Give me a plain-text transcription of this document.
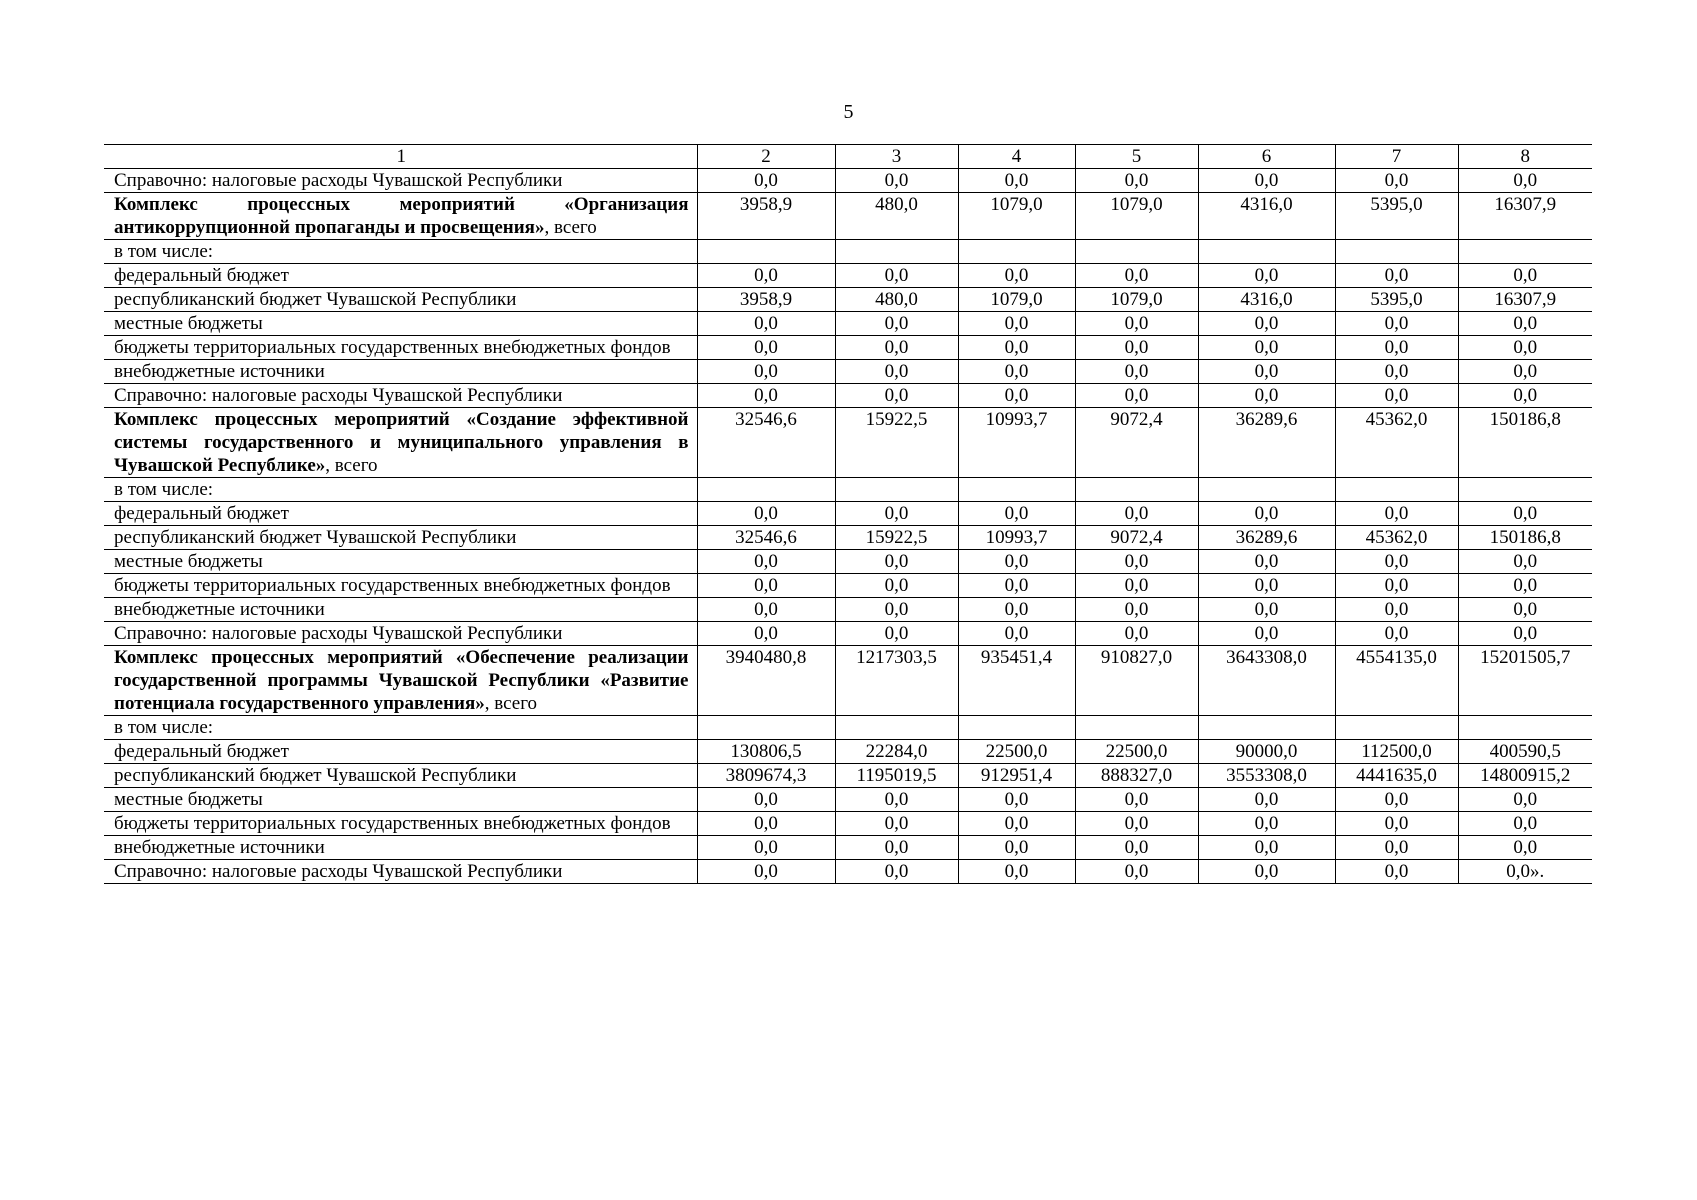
5
1	2	3	4	5	6	7	8
Справочно: налоговые расходы Чувашской Республики	0,0	0,0	0,0	0,0	0,0	0,0	0,0
Комплекс процессных мероприятий «Организация антикоррупционной пропаганды и просвещения», всего	3958,9	480,0	1079,0	1079,0	4316,0	5395,0	16307,9
в том числе:							
федеральный бюджет	0,0	0,0	0,0	0,0	0,0	0,0	0,0
республиканский бюджет Чувашской Республики	3958,9	480,0	1079,0	1079,0	4316,0	5395,0	16307,9
местные бюджеты	0,0	0,0	0,0	0,0	0,0	0,0	0,0
бюджеты территориальных государственных внебюджетных фондов	0,0	0,0	0,0	0,0	0,0	0,0	0,0
внебюджетные источники	0,0	0,0	0,0	0,0	0,0	0,0	0,0
Справочно: налоговые расходы Чувашской Республики	0,0	0,0	0,0	0,0	0,0	0,0	0,0
Комплекс процессных мероприятий «Создание эффективной системы государственного и муниципального управления в Чувашской Республике», всего	32546,6	15922,5	10993,7	9072,4	36289,6	45362,0	150186,8
в том числе:							
федеральный бюджет	0,0	0,0	0,0	0,0	0,0	0,0	0,0
республиканский бюджет Чувашской Республики	32546,6	15922,5	10993,7	9072,4	36289,6	45362,0	150186,8
местные бюджеты	0,0	0,0	0,0	0,0	0,0	0,0	0,0
бюджеты территориальных государственных внебюджетных фондов	0,0	0,0	0,0	0,0	0,0	0,0	0,0
внебюджетные источники	0,0	0,0	0,0	0,0	0,0	0,0	0,0
Справочно: налоговые расходы Чувашской Республики	0,0	0,0	0,0	0,0	0,0	0,0	0,0
Комплекс процессных мероприятий «Обеспечение реализации государственной программы Чувашской Республики «Развитие потенциала государственного управления», всего	3940480,8	1217303,5	935451,4	910827,0	3643308,0	4554135,0	15201505,7
в том числе:							
федеральный бюджет	130806,5	22284,0	22500,0	22500,0	90000,0	112500,0	400590,5
республиканский бюджет Чувашской Республики	3809674,3	1195019,5	912951,4	888327,0	3553308,0	4441635,0	14800915,2
местные бюджеты	0,0	0,0	0,0	0,0	0,0	0,0	0,0
бюджеты территориальных государственных внебюджетных фондов	0,0	0,0	0,0	0,0	0,0	0,0	0,0
внебюджетные источники	0,0	0,0	0,0	0,0	0,0	0,0	0,0
Справочно: налоговые расходы Чувашской Республики	0,0	0,0	0,0	0,0	0,0	0,0	0,0».
